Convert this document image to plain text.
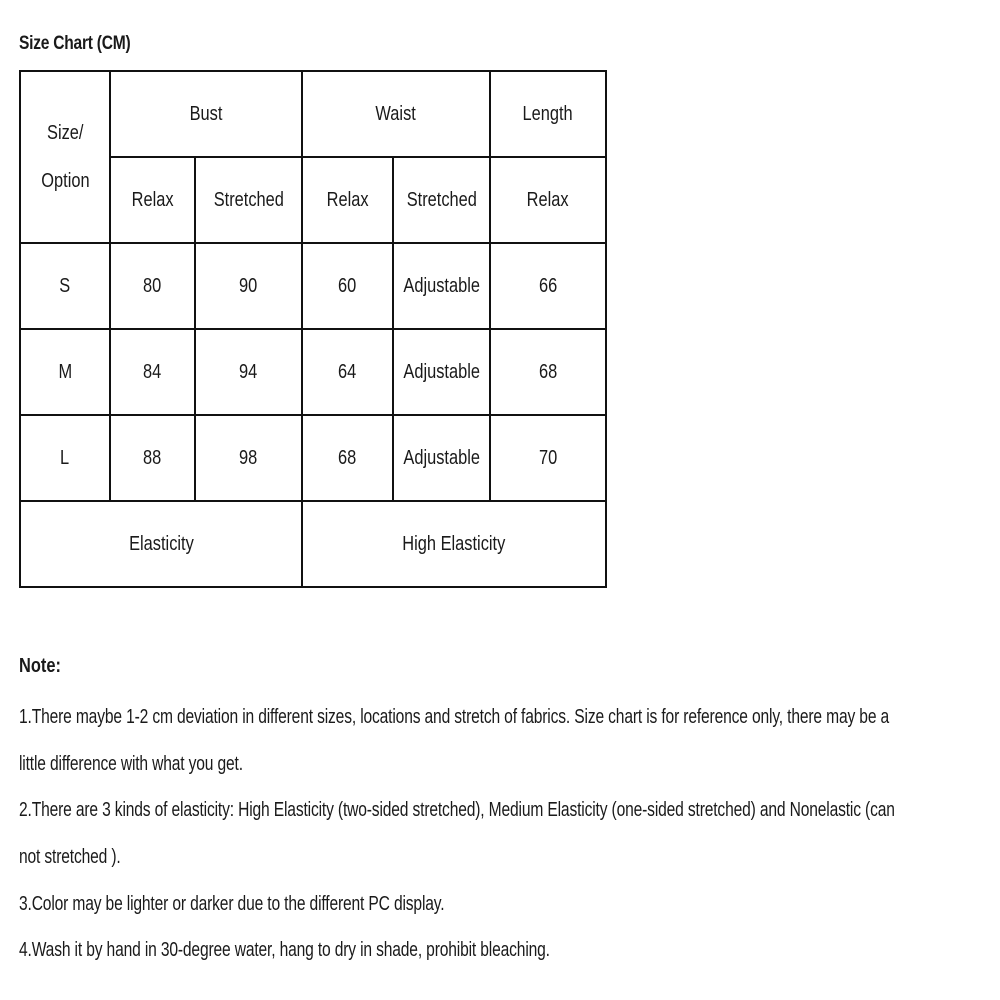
Size Chart (CM)
Size/
Option	Bust		Waist		Length
	Relax	Stretched	Relax	Stretched	Relax
S	80	90	60	Adjustable	66
M	84	94	64	Adjustable	68
L	88	98	68	Adjustable	70
Elasticity			High Elasticity		
Note:
1.There maybe 1-2 cm deviation in different sizes, locations and stretch of fabrics. Size chart is for reference only, there may be a
little difference with what you get.
2.There are 3 kinds of elasticity: High Elasticity (two-sided stretched), Medium Elasticity (one-sided stretched) and Nonelastic (can
not stretched ).
3.Color may be lighter or darker due to the different PC display.
4.Wash it by hand in 30-degree water, hang to dry in shade, prohibit bleaching.
